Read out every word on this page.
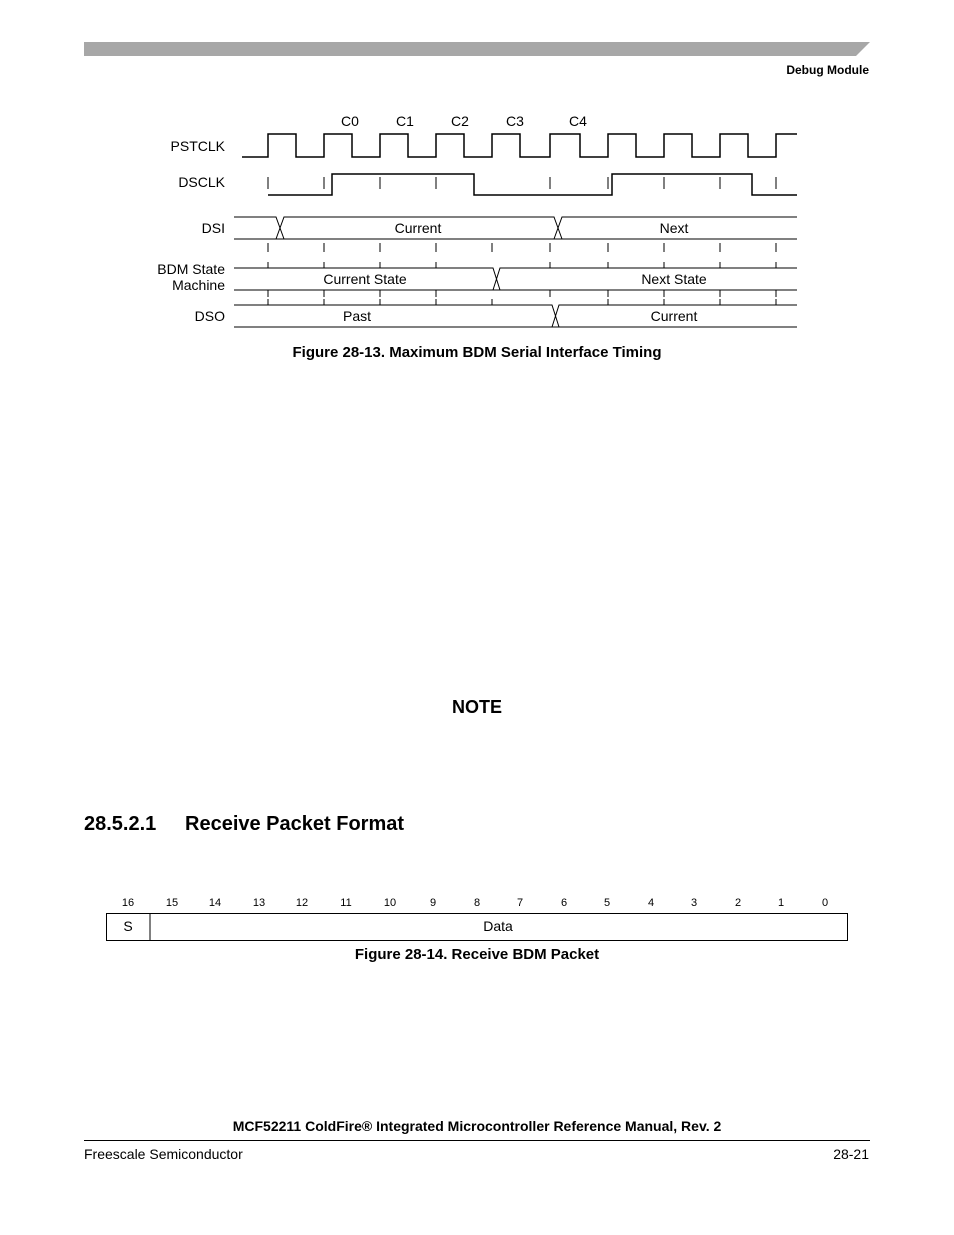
Debug Module
C0	C1	C2	C3	C4
PSTCLK
DSCLK
DSI
BDM State
Machine
DSO
Current	Next
Current State	Next State
Past	Current
Figure 28-13. Maximum BDM Serial Interface Timing
NOTE
28.5.2.1 Receive Packet Format
16	15	14	13	12	11	10	9	8	7	6	5	4	3	2	1	0
S	Data
Figure 28-14. Receive BDM Packet
MCF52211 ColdFire® Integrated Microcontroller Reference Manual, Rev. 2
Freescale Semiconductor	28-21
